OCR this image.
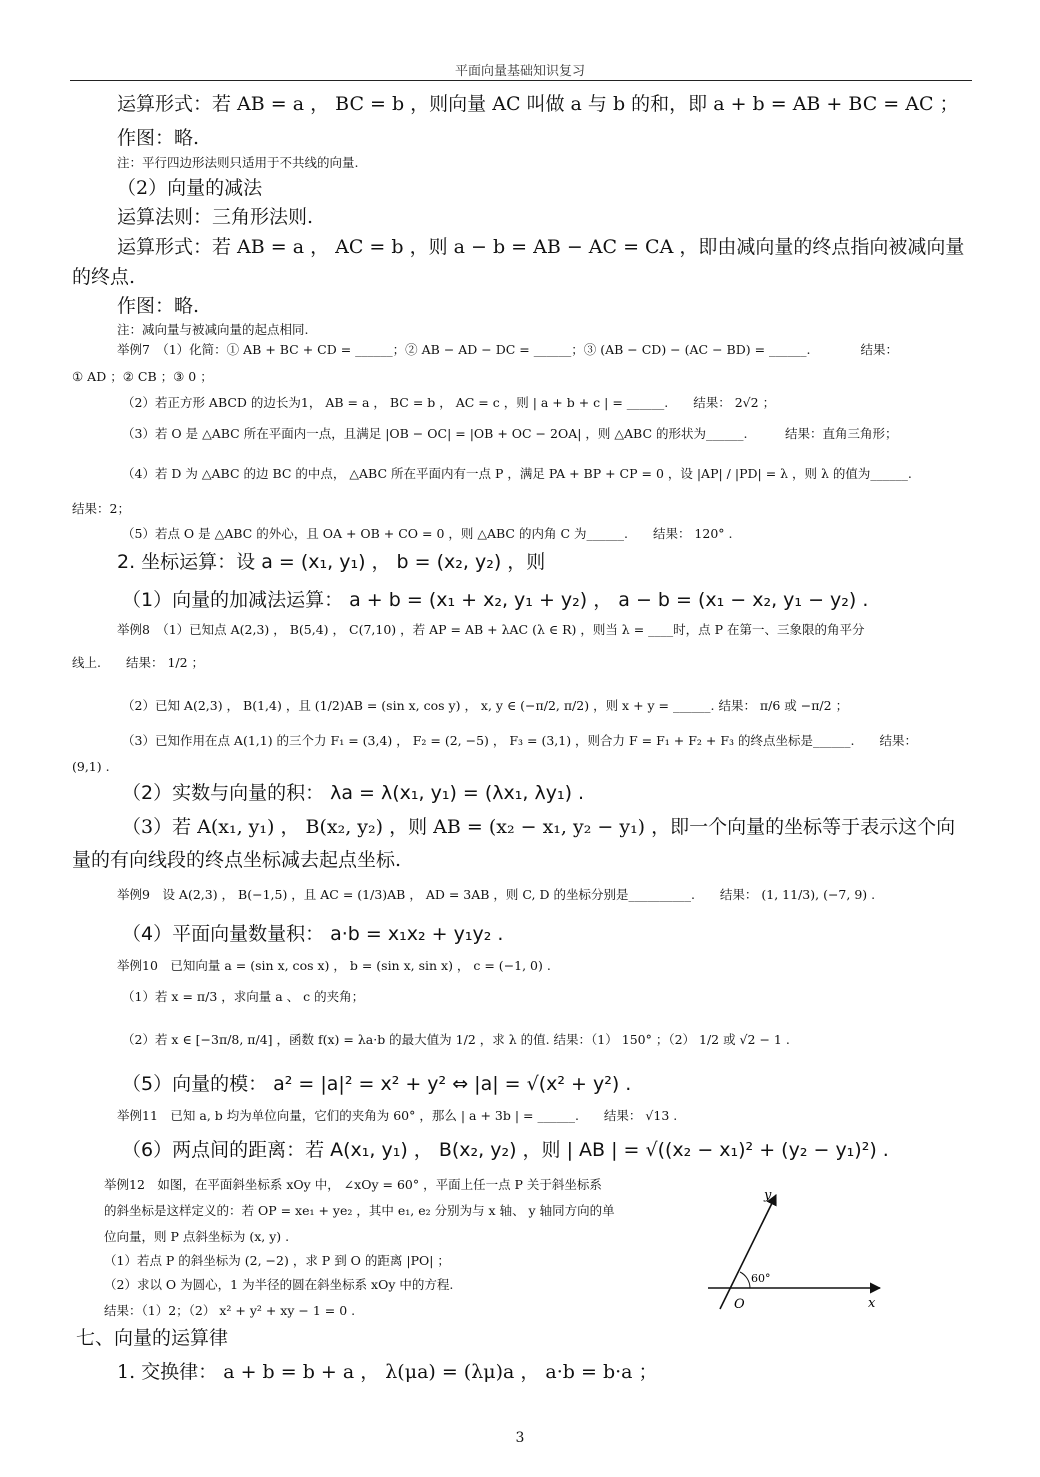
平面向量基础知识复习
运算形式：若 AB = a ， BC = b ，则向量 AC 叫做 a 与 b 的和，即 a + b = AB + BC = AC ；
作图：略.
注：平行四边形法则只适用于不共线的向量.
（2）向量的减法
运算法则：三角形法则.
运算形式：若 AB = a ， AC = b ，则 a − b = AB − AC = CA ，即由减向量的终点指向被减向量
的终点.
作图：略.
注：减向量与被减向量的起点相同.
举例7　（1）化简：① AB + BC + CD = ______；② AB − AD − DC = ______；③ (AB − CD) − (AC − BD) = ______.　　　　结果：
① AD ；② CB ；③ 0 ；
（2）若正方形 ABCD 的边长为1， AB = a ， BC = b ， AC = c ，则 | a + b + c | = ______.　　结果： 2√2 ；
（3）若 O 是 △ABC 所在平面内一点，且满足 |OB − OC| = |OB + OC − 2OA| ，则 △ABC 的形状为______.　　　结果：直角三角形；
（4）若 D 为 △ABC 的边 BC 的中点， △ABC 所在平面内有一点 P ，满足 PA + BP + CP = 0 ，设 |AP| / |PD| = λ ，则 λ 的值为______.
结果：2；
（5）若点 O 是 △ABC 的外心，且 OA + OB + CO = 0 ，则 △ABC 的内角 C 为______.　　结果： 120° .
2. 坐标运算：设 a = (x₁, y₁) ， b = (x₂, y₂) ，则
（1）向量的加减法运算： a + b = (x₁ + x₂, y₁ + y₂) ， a − b = (x₁ − x₂, y₁ − y₂) .
举例8　（1）已知点 A(2,3) ， B(5,4) ， C(7,10) ，若 AP = AB + λAC (λ ∈ R) ，则当 λ = ____时，点 P 在第一、三象限的角平分
线上.　　结果： 1/2 ；
（2）已知 A(2,3) ， B(1,4) ，且 (1/2)AB = (sin x, cos y) ， x, y ∈ (−π/2, π/2) ，则 x + y = ______. 结果： π/6 或 −π/2 ；
（3）已知作用在点 A(1,1) 的三个力 F₁ = (3,4) ， F₂ = (2, −5) ， F₃ = (3,1) ，则合力 F = F₁ + F₂ + F₃ 的终点坐标是______.　　结果：
(9,1) .
（2）实数与向量的积： λa = λ(x₁, y₁) = (λx₁, λy₁) .
（3）若 A(x₁, y₁) ， B(x₂, y₂) ，则 AB = (x₂ − x₁, y₂ − y₁) ，即一个向量的坐标等于表示这个向
量的有向线段的终点坐标减去起点坐标.
举例9　设 A(2,3) ， B(−1,5) ，且 AC = (1/3)AB ， AD = 3AB ，则 C, D 的坐标分别是__________.　　结果： (1, 11/3), (−7, 9) .
（4）平面向量数量积： a·b = x₁x₂ + y₁y₂ .
举例10　已知向量 a = (sin x, cos x) ， b = (sin x, sin x) ， c = (−1, 0) .
（1）若 x = π/3 ，求向量 a 、 c 的夹角；
（2）若 x ∈ [−3π/8, π/4] ，函数 f(x) = λa·b 的最大值为 1/2 ，求 λ 的值. 结果：（1） 150° ；（2） 1/2 或 √2 − 1 .
（5）向量的模： a² = |a|² = x² + y² ⇔ |a| = √(x² + y²) .
举例11　已知 a, b 均为单位向量，它们的夹角为 60° ，那么 | a + 3b | = ______.　　结果： √13 .
（6）两点间的距离：若 A(x₁, y₁) ， B(x₂, y₂) ，则 | AB | = √((x₂ − x₁)² + (y₂ − y₁)²) .
举例12　如图，在平面斜坐标系 xOy 中， ∠xOy = 60° ，平面上任一点 P 关于斜坐标系
的斜坐标是这样定义的：若 OP = xe₁ + ye₂ ，其中 e₁, e₂ 分别为与 x 轴、 y 轴同方向的单
位向量，则 P 点斜坐标为 (x, y) .
（1）若点 P 的斜坐标为 (2, −2) ，求 P 到 O 的距离 |PO| ；
（2）求以 O 为圆心，1 为半径的圆在斜坐标系 xOy 中的方程.
结果：（1）2；（2） x² + y² + xy − 1 = 0 .
七、向量的运算律
1. 交换律： a + b = b + a ， λ(μa) = (λμ)a ， a·b = b·a ；
y
x
O
60°
3
